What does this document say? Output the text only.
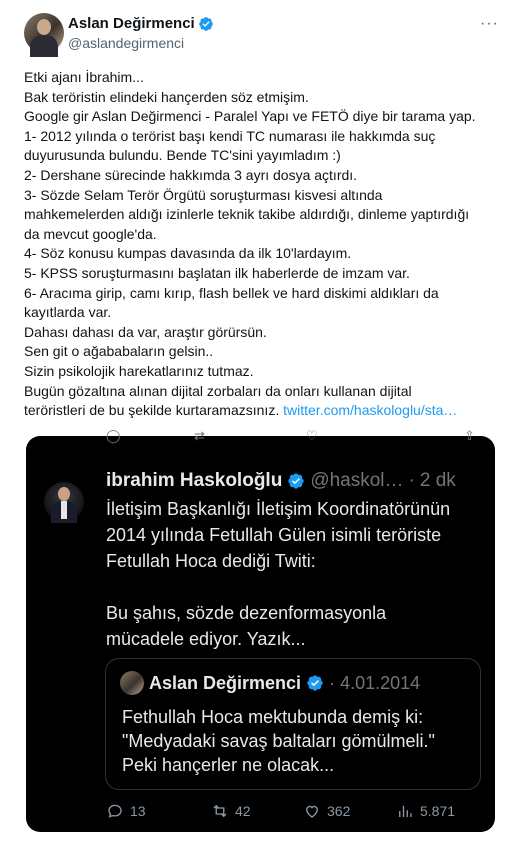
Aslan Değirmenci
@aslandegirmenci
···

Etki ajanı İbrahim...
Bak teröristin elindeki hançerden söz etmişim.
Google gir Aslan Değirmenci - Paralel Yapı ve FETÖ diye bir tarama yap.
1- 2012 yılında o terörist başı kendi TC numarası ile hakkımda suç
duyurusunda bulundu. Bende TC'sini yayımladım :)
2- Dershane sürecinde hakkımda 3 ayrı dosya açtırdı.
3- Sözde Selam Terör Örgütü soruşturması kisvesi altında
mahkemelerden aldığı izinlerle teknik takibe aldırdığı, dinleme yaptırdığı
da mevcut google'da.
4- Söz konusu kumpas davasında da ilk 10'lardayım.
5- KPSS soruşturmasını başlatan ilk haberlerde de imzam var.
6- Aracıma girip, camı kırıp, flash bellek ve hard diskimi aldıkları da
kayıtlarda var.
Dahası dahası da var, araştır görürsün.
Sen git o ağababaların gelsin..
Sizin psikolojik harekatlarınız tutmaz.
Bugün gözaltına alınan dijital zorbaları da onları kullanan dijital
teröristleri de bu şekilde kurtaramazsınız. twitter.com/haskologlu/sta…

◯	⇄	♡	⇧
ibrahim Haskoloğlu @haskol… · 2 dk

İletişim Başkanlığı İletişim Koordinatörünün
2014 yılında Fetullah Gülen isimli teröriste
Fetullah Hoca dediği Twiti:
Bu şahıs, sözde dezenformasyonla
mücadele ediyor. Yazık...

Aslan Değirmenci · 4.01.2014

Fethullah Hoca mektubunda demiş ki:
"Medyadaki savaş baltaları gömülmeli."
Peki hançerler ne olacak...

13	42	362	5.871
